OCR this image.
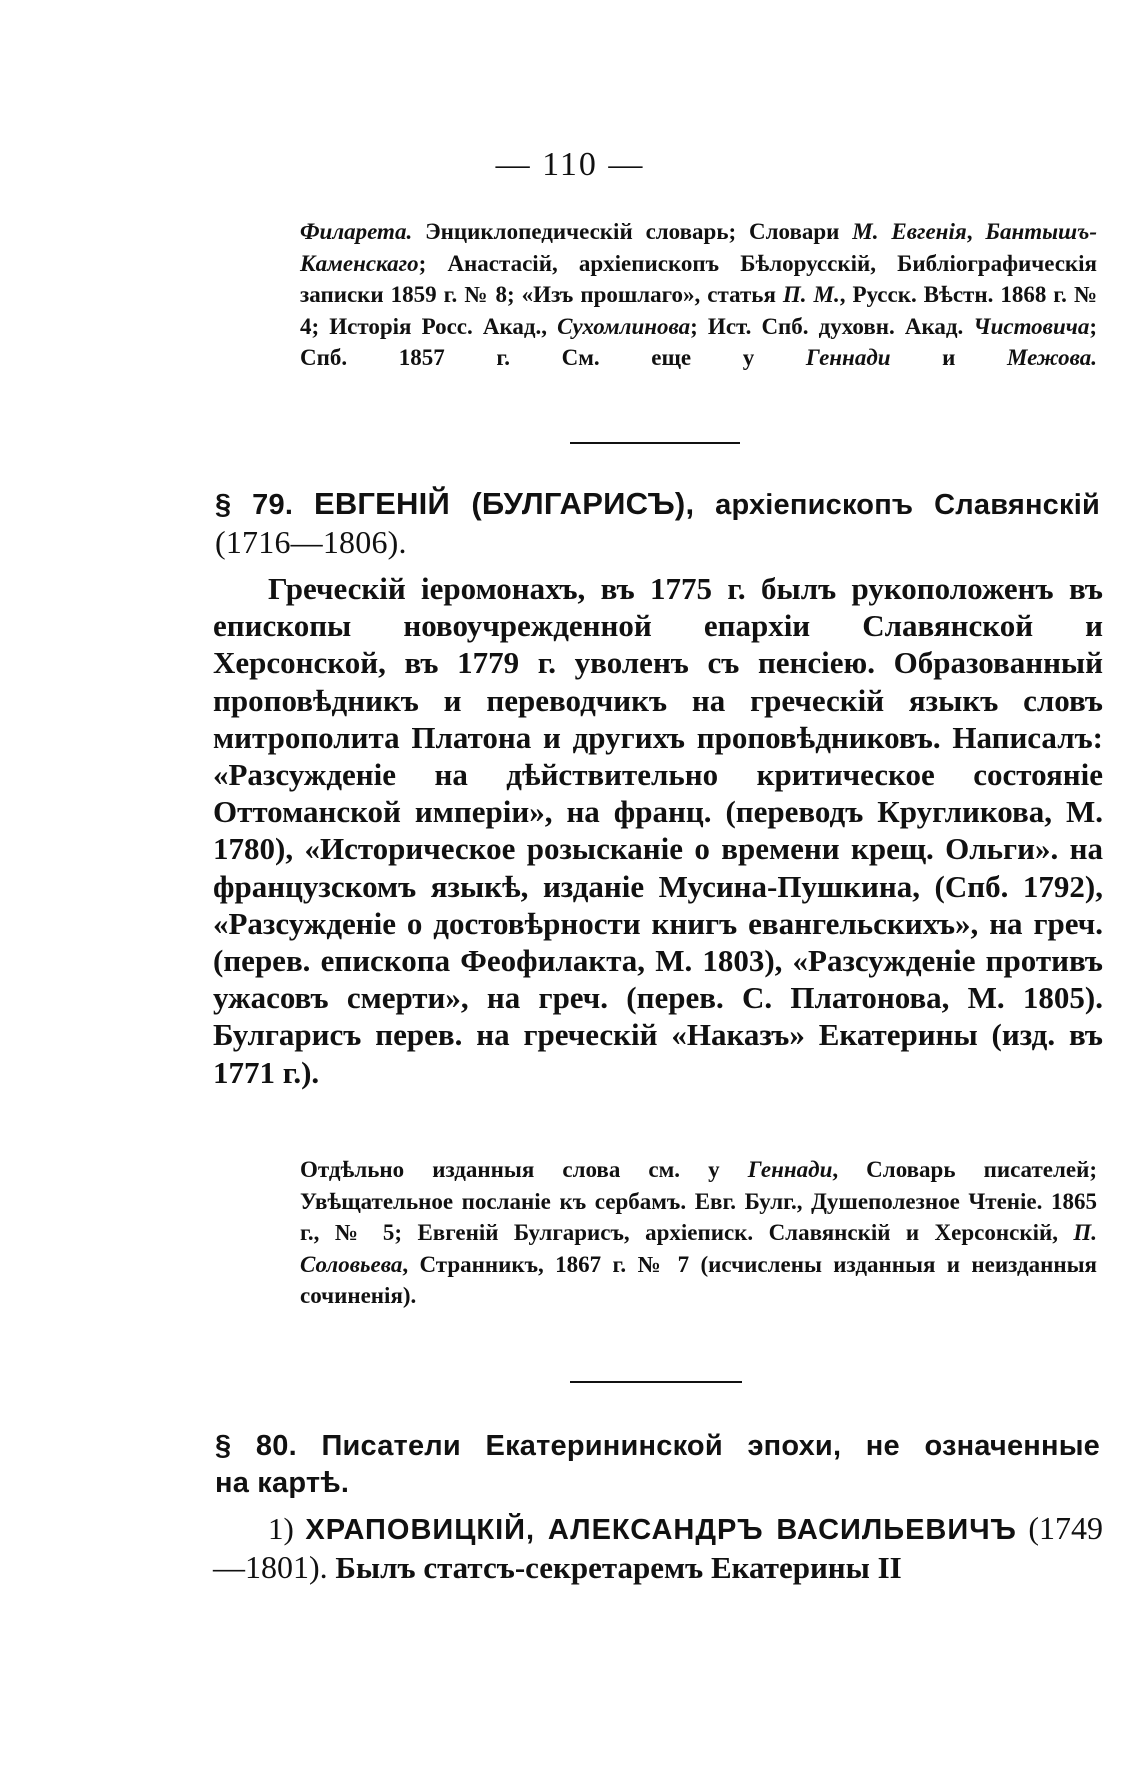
— 110 —
Филарета. Энциклопедическій словарь; Словари М. Евгенія, Бантышъ-Каменскаго; Анастасій, архіепископъ Бѣлорусскій, Библіографическія записки 1859 г. № 8; «Изъ прошлаго», статья П. М., Русск. Вѣстн. 1868 г. № 4; Исторія Росс. Акад., Сухомлинова; Ист. Спб. духовн. Акад. Чистовича; Спб. 1857 г. См. еще у Геннади и Межова.
§ 79. ЕВГЕНІЙ (БУЛГАРИСЪ), архіепископъ Славянскій
(1716—1806).
Греческій іеромонахъ, въ 1775 г. былъ рукоположенъ въ епископы новоучрежденной епархіи Славянской и Херсонской, въ 1779 г. уволенъ съ пенсіею. Образованный проповѣдникъ и переводчикъ на греческій языкъ словъ митрополита Платона и другихъ проповѣдниковъ. Написалъ: «Разсужденіе на дѣйствительно критическое состояніе Оттоманской имперіи», на франц. (переводъ Кругликова, М. 1780), «Историческое розысканіе о времени крещ. Ольги». на французскомъ языкѣ, изданіе Мусина-Пушкина, (Спб. 1792), «Разсужденіе о достовѣрности книгъ евангельскихъ», на греч. (перев. епископа Феофилакта, М. 1803), «Разсужденіе противъ ужасовъ смерти», на греч. (перев. С. Платонова, М. 1805). Булгарисъ перев. на греческій «Наказъ» Екатерины (изд. въ 1771 г.).
Отдѣльно изданныя слова см. у Геннади, Словарь писателей; Увѣщательное посланіе къ сербамъ. Евг. Булг., Душеполезное Чтеніе. 1865 г., № 5; Евгеній Булгарисъ, архіеписк. Славянскій и Херсонскій, П. Соловьева, Странникъ, 1867 г. № 7 (исчислены изданныя и неизданныя сочиненія).
§ 80. Писатели Екатерининской эпохи, не означенные
на картѣ.
1) ХРАПОВИЦКІЙ, АЛЕКСАНДРЪ ВАСИЛЬЕВИЧЪ (1749—1801). Былъ статсъ-секретаремъ Екатерины II
